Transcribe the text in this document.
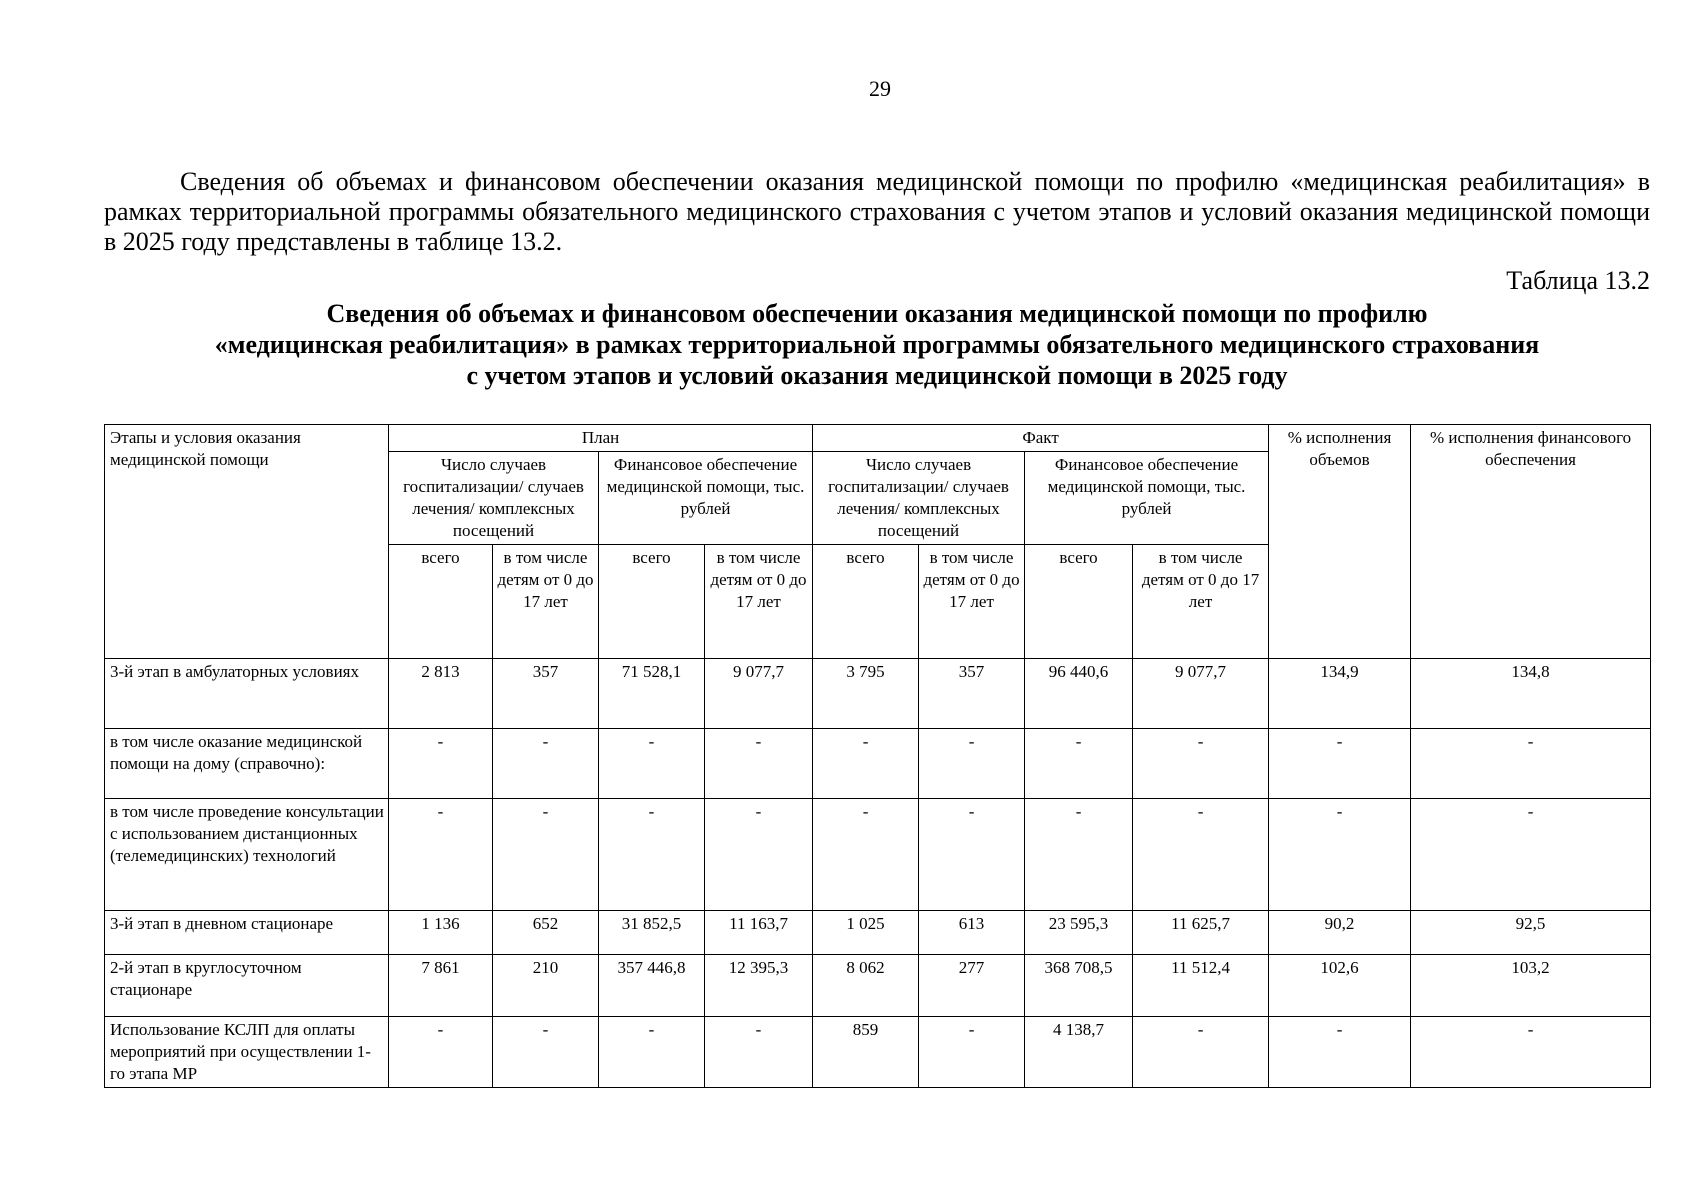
29

Сведения об объемах и финансовом обеспечении оказания медицинской помощи по профилю «медицинская реабилитация» в рамках территориальной программы обязательного медицинского страхования с учетом этапов и условий оказания медицинской помощи в 2025 году представлены в таблице 13.2.

Таблица 13.2
Сведения об объемах и финансовом обеспечении оказания медицинской помощи по профилю
«медицинская реабилитация» в рамках территориальной программы обязательного медицинского страхования
с учетом этапов и условий оказания медицинской помощи в 2025 году
Этапы и условия оказания медицинской помощи	План				Факт				% исполнения объемов	% исполнения финансового обеспечения
	Число случаев госпитализации/ случаев лечения/ комплексных посещений		Финансовое обеспечение медицинской помощи, тыс. рублей		Число случаев госпитализации/ случаев лечения/ комплексных посещений		Финансовое обеспечение медицинской помощи, тыс. рублей			
	всего	в том числе детям от 0 до 17 лет	всего	в том числе детям от 0 до 17 лет	всего	в том числе детям от 0 до 17 лет	всего	в том числе детям от 0 до 17 лет		
3-й этап в амбулаторных условиях	2 813	357	71 528,1	9 077,7	3 795	357	96 440,6	9 077,7	134,9	134,8
в том числе оказание медицинской помощи на дому (справочно):	-	-	-	-	-	-	-	-	-	-
в том числе проведение консультации с использованием дистанционных (телемедицинских) технологий	-	-	-	-	-	-	-	-	-	-
3-й этап в дневном стационаре	1 136	652	31 852,5	11 163,7	1 025	613	23 595,3	11 625,7	90,2	92,5
2-й этап в круглосуточном стационаре	7 861	210	357 446,8	12 395,3	8 062	277	368 708,5	11 512,4	102,6	103,2
Использование КСЛП для оплаты мероприятий при осуществлении 1-го этапа МР	-	-	-	-	859	-	4 138,7	-	-	-
